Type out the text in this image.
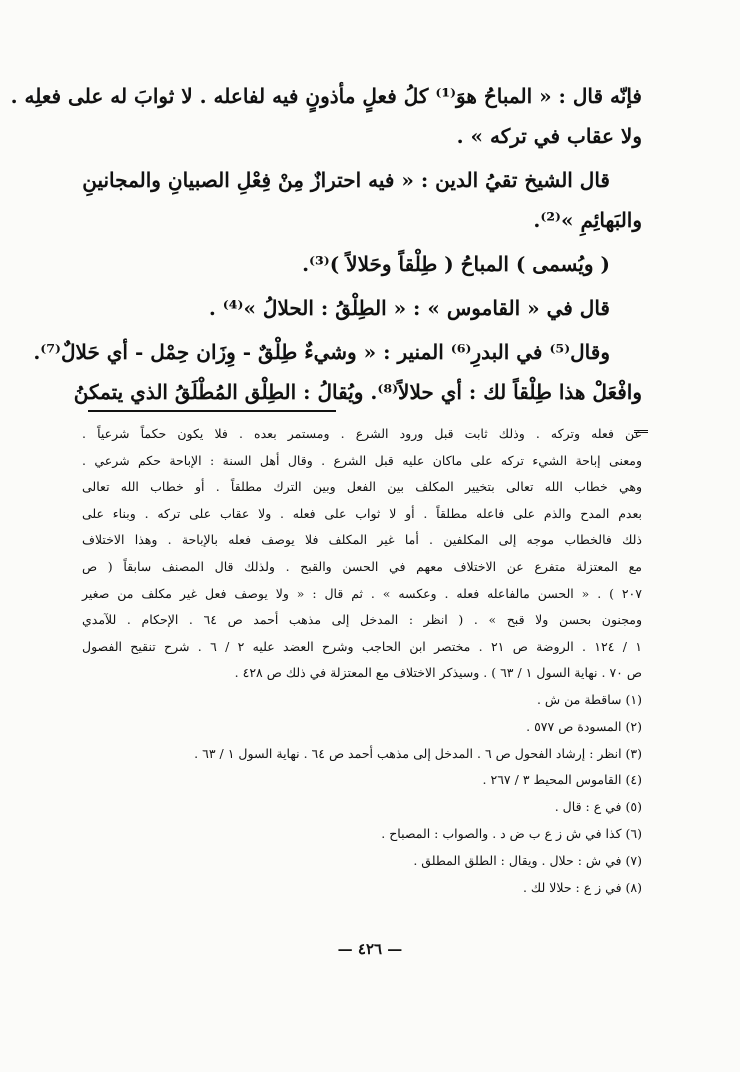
فإنّه قال : « المباحُ هوَ⁽¹⁾ كلُ فعلٍ مأذونٍ فيه لفاعله . لا ثوابَ له على فعلِه .

ولا عقاب في تركه » .

قال الشيخ تقيُ الدين : « فيه احترازٌ مِنْ فِعْلِ الصبيانِ والمجانينِ

والبَهائِمِ »⁽²⁾.

( ويُسمى ) المباحُ ( طِلْقاً وحَلالاً )⁽³⁾.

قال في « القاموس » : « الطِلْقُ : الحلالُ »⁽⁴⁾ .

وقال⁽⁵⁾ في البدرِ⁽⁶⁾ المنير : « وشيءٌ طِلْقٌ - وِزَان حِمْل - أي حَلالٌ⁽⁷⁾.

وافْعَلْ هذا طِلْقاً لك : أي حلالاً⁽⁸⁾. ويُقالُ : الطِلْق المُطْلَقُ الذي يتمكنُ

عن فعله وتركه . وذلك ثابت قبل ورود الشرع . ومستمر بعده . فلا يكون حكماً شرعياً .

ومعنى إباحة الشيء تركه على ماكان عليه قبل الشرع . وقال أهل السنة : الإباحة حكم شرعي .

وهي خطاب الله تعالى بتخيير المكلف بين الفعل وبين الترك مطلقاً . أو خطاب الله تعالى

بعدم المدح والذم على فاعله مطلقاً . أو لا ثواب على فعله . ولا عقاب على تركه . وبناء على

ذلك فالخطاب موجه إلى المكلفين . أما غير المكلف فلا يوصف فعله بالإباحة . وهذا الاختلاف

مع المعتزلة متفرع عن الاختلاف معهم في الحسن والقبح . ولذلك قال المصنف سابقاً ( ص

٢٠٧ ) . « الحسن مالفاعله فعله . وعكسه » . ثم قال : « ولا يوصف فعل غير مكلف من صغير

ومجنون بحسن ولا قبح » . ( انظر : المدخل إلى مذهب أحمد ص ٦٤ . الإحكام . للآمدي

١ / ١٢٤ . الروضة ص ٢١ . مختصر ابن الحاجب وشرح العضد عليه ٢ / ٦ . شرح تنقيح الفصول

ص ٧٠ . نهاية السول ١ / ٦٣ ) . وسيذكر الاختلاف مع المعتزلة في ذلك ص ٤٢٨ .

(١) ساقطة من ش .

(٢) المسودة ص ٥٧٧ .

(٣) انظر : إرشاد الفحول ص ٦ . المدخل إلى مذهب أحمد ص ٦٤ . نهاية السول ١ / ٦٣ .

(٤) القاموس المحيط ٣ / ٢٦٧ .

(٥) في ع : قال .

(٦) كذا في ش ز ع ب ض د . والصواب : المصباح .

(٧) في ش : حلال . ويقال : الطلق المطلق .

(٨) في ز ع : حلالا لك .

— ٤٢٦ —
